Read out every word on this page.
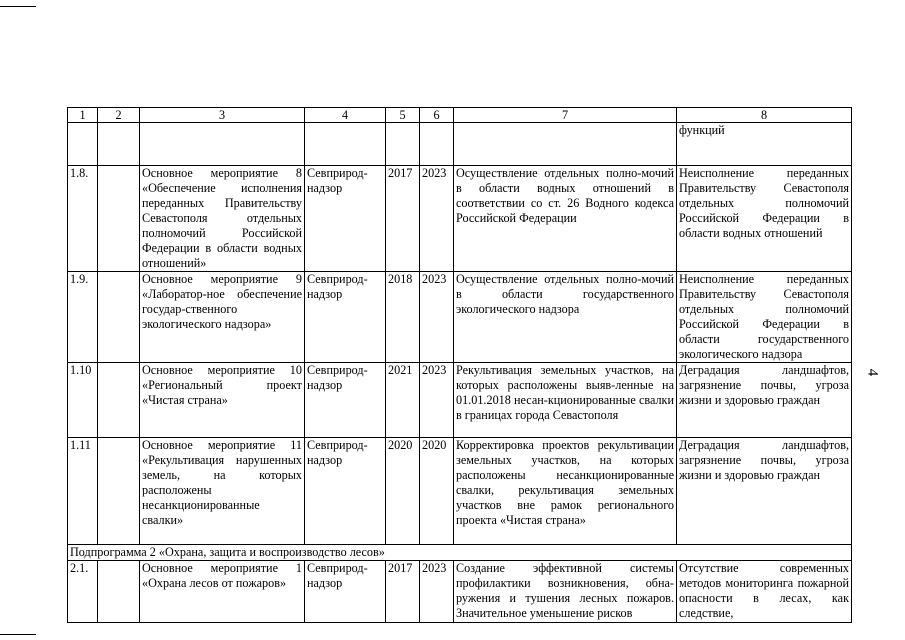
4
1	2	3	4	5	6	7	8
							функций
1.8.		Основное мероприятие 8 «Обеспечение исполнения переданных Правительству Севастополя отдельных полномочий Российской Федерации в области водных отношений»	Севприрод-надзор	2017	2023	Осуществление отдельных полно-мочий в области водных отношений в соответствии со ст. 26 Водного кодекса Российской Федерации	Неисполнение переданных Правительству Севастополя отдельных полномочий Российской Федерации в области водных отношений
1.9.		Основное мероприятие 9 «Лаборатор-ное обеспечение государ-ственного экологического надзора»	Севприрод-надзор	2018	2023	Осуществление отдельных полно-мочий в области государственного экологического надзора	Неисполнение переданных Правительству Севастополя отдельных полномочий Российской Федерации в области государственного экологического надзора
1.10		Основное мероприятие 10 «Региональный проект «Чистая страна»	Севприрод-надзор	2021	2023	Рекультивация земельных участков, на которых расположены выяв-ленные на 01.01.2018 несан-кционированные свалки в границах города Севастополя	Деградация ландшафтов, загрязнение почвы, угроза жизни и здоровью граждан
1.11		Основное мероприятие 11 «Рекультивация нарушенных земель, на которых расположены несанкционированные свалки»	Севприрод-надзор	2020	2020	Корректировка проектов рекультивации земельных участков, на которых расположены несанкционированные свалки, рекультивация земельных участков вне рамок регионального проекта «Чистая страна»	Деградация ландшафтов, загрязнение почвы, угроза жизни и здоровью граждан
Подпрограмма 2 «Охрана, защита и воспроизводство лесов»							
2.1.		Основное мероприятие 1 «Охрана лесов от пожаров»	Севприрод-надзор	2017	2023	Создание эффективной системы профилактики возникновения, обна-ружения и тушения лесных пожаров. Значительное уменьшение рисков	Отсутствие современных методов мониторинга пожарной опасности в лесах, как следствие,
